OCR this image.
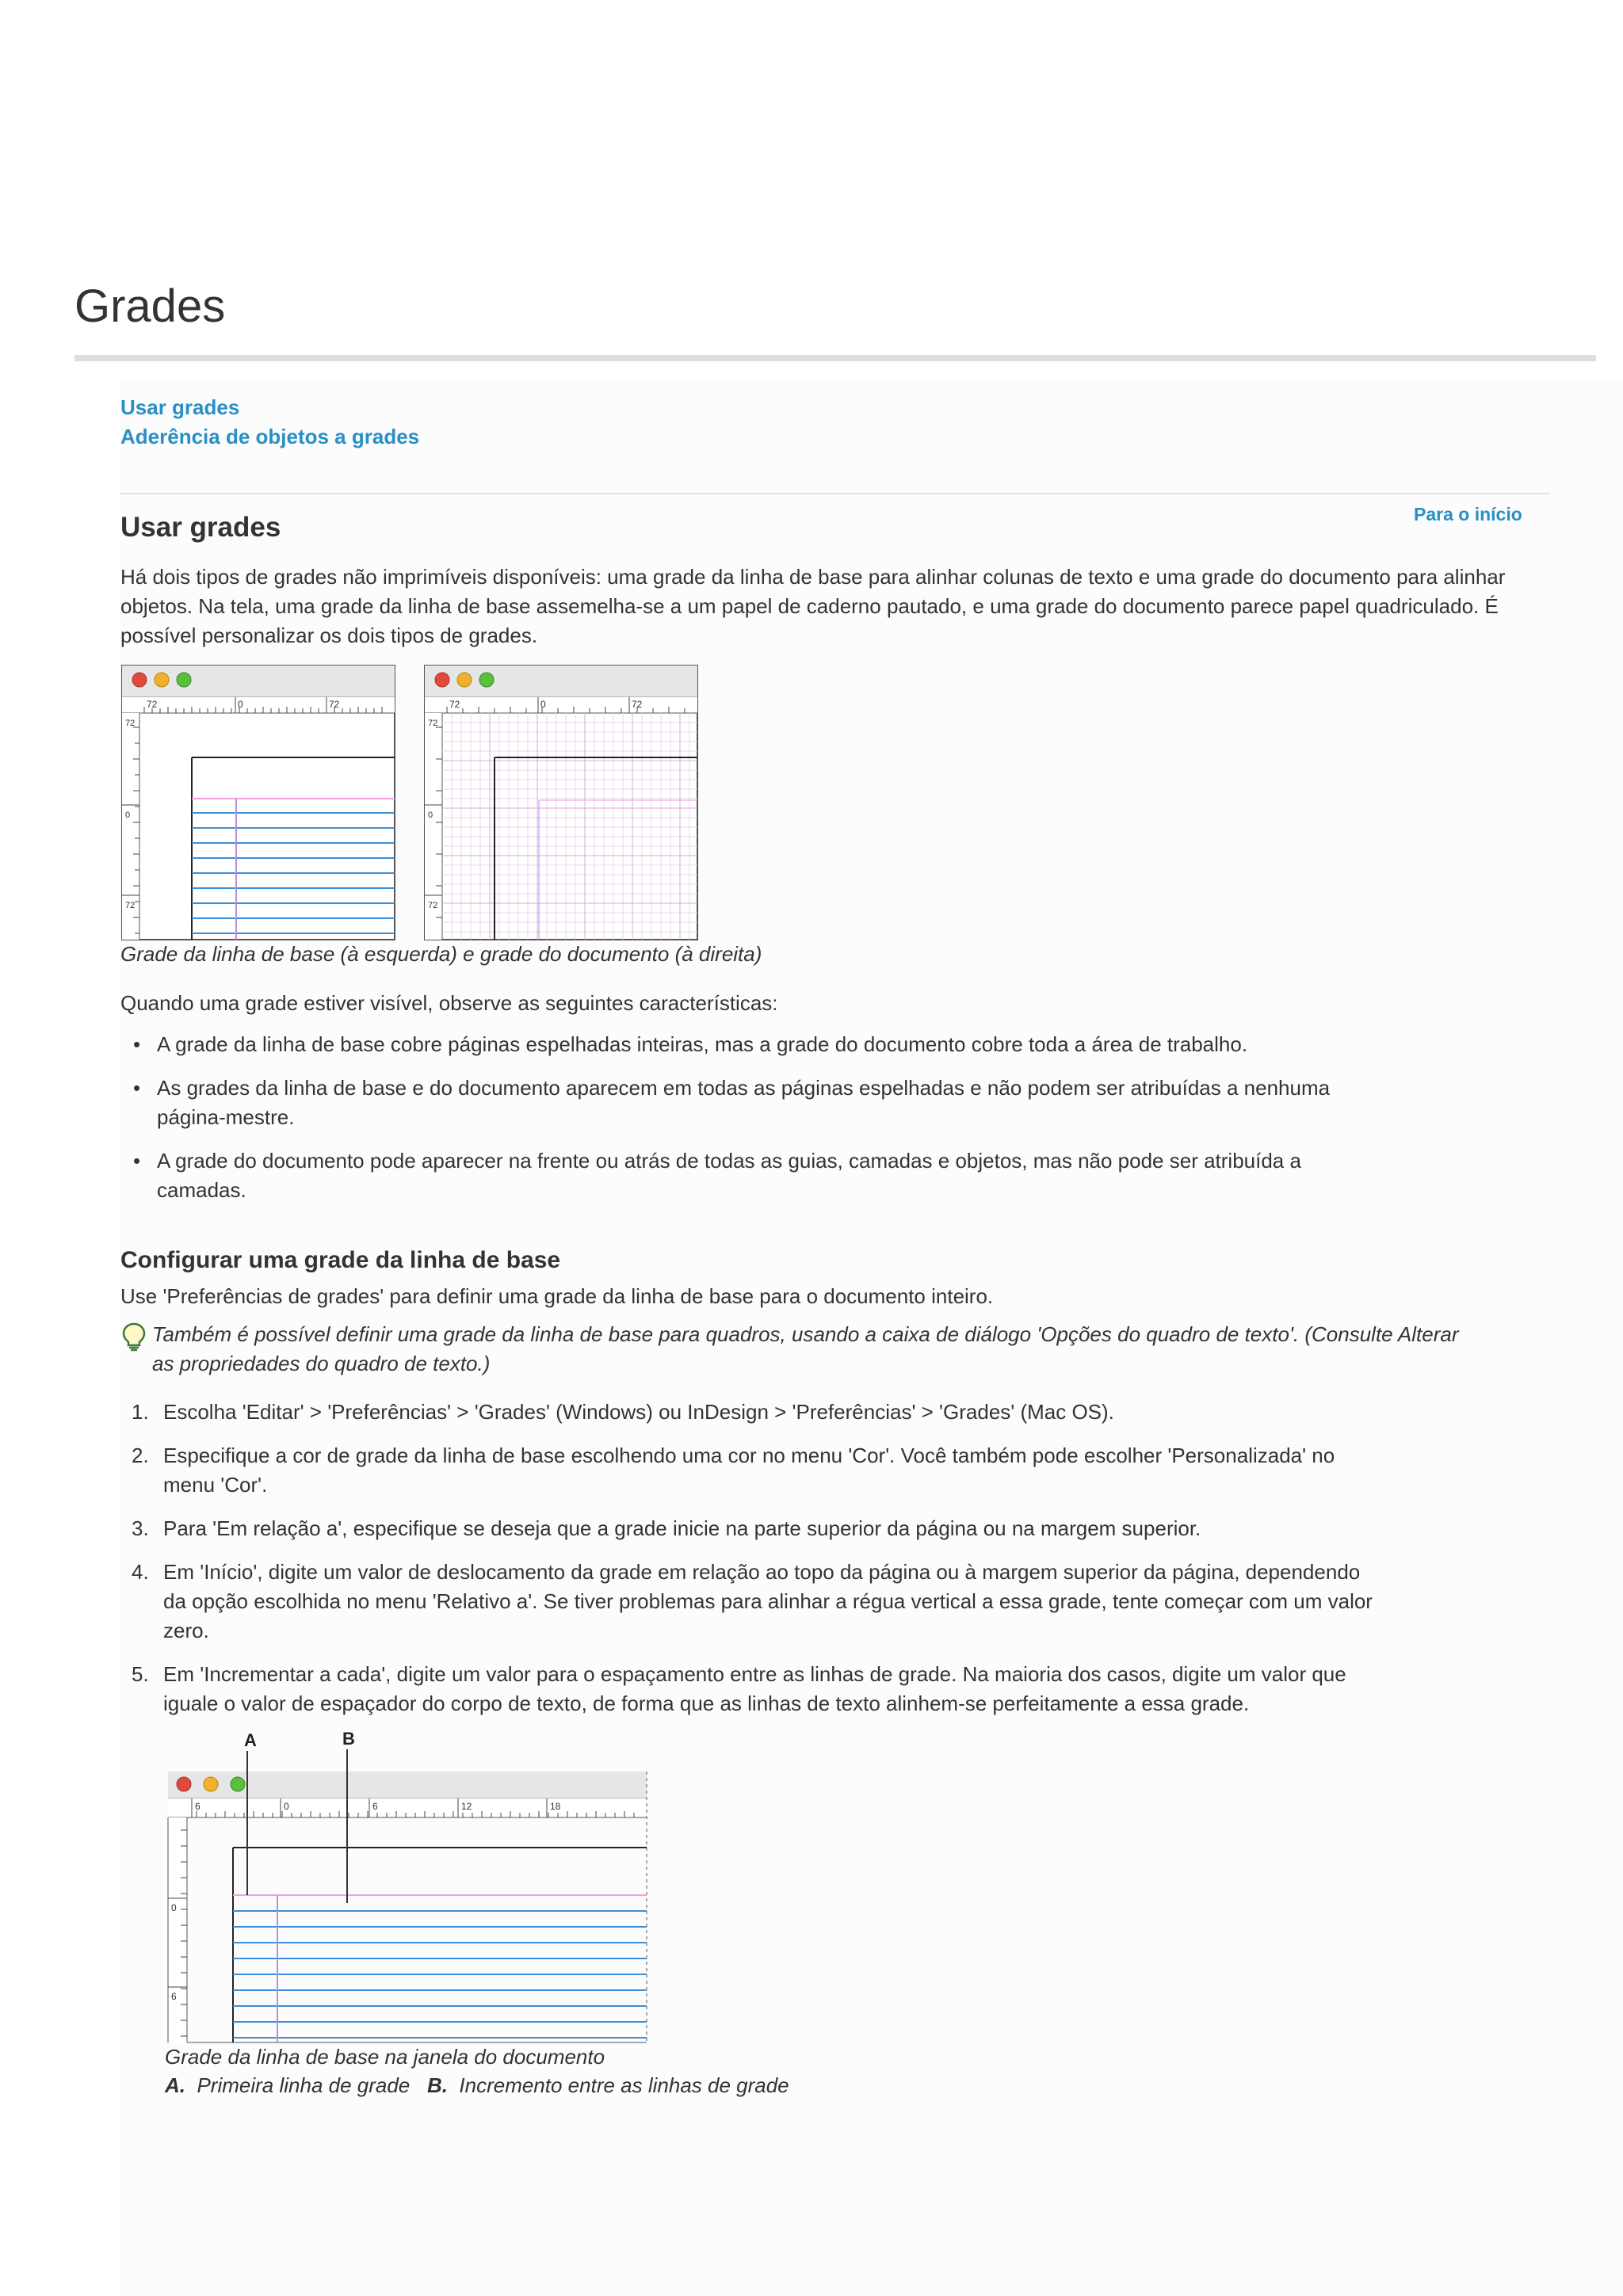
Grades
Usar grades
Aderência de objetos a grades
Para o início
Usar grades

Há dois tipos de grades não imprimíveis disponíveis: uma grade da linha de base para alinhar colunas de texto e uma grade do documento para alinhar objetos. Na tela, uma grade da linha de base assemelha-se a um papel de caderno pautado, e uma grade do documento parece papel quadriculado. É possível personalizar os dois tipos de grades.

72	0	72
72
0
72
72	0	72
72
0
72

Grade da linha de base (à esquerda) e grade do documento (à direita)

Quando uma grade estiver visível, observe as seguintes características:

• A grade da linha de base cobre páginas espelhadas inteiras, mas a grade do documento cobre toda a área de trabalho.
• As grades da linha de base e do documento aparecem em todas as páginas espelhadas e não podem ser atribuídas a nenhuma página-mestre.
• A grade do documento pode aparecer na frente ou atrás de todas as guias, camadas e objetos, mas não pode ser atribuída a camadas.
Configurar uma grade da linha de base

Use 'Preferências de grades' para definir uma grade da linha de base para o documento inteiro.

Também é possível definir uma grade da linha de base para quadros, usando a caixa de diálogo 'Opções do quadro de texto'. (Consulte Alterar as propriedades do quadro de texto.)
1. Escolha 'Editar' > 'Preferências' > 'Grades' (Windows) ou InDesign > 'Preferências' > 'Grades' (Mac OS).
2. Especifique a cor de grade da linha de base escolhendo uma cor no menu 'Cor'. Você também pode escolher 'Personalizada' no menu 'Cor'.
3. Para 'Em relação a', especifique se deseja que a grade inicie na parte superior da página ou na margem superior.
4. Em 'Início', digite um valor de deslocamento da grade em relação ao topo da página ou à margem superior da página, dependendo da opção escolhida no menu 'Relativo a'. Se tiver problemas para alinhar a régua vertical a essa grade, tente começar com um valor zero.
5. Em 'Incrementar a cada', digite um valor para o espaçamento entre as linhas de grade. Na maioria dos casos, digite um valor que iguale o valor de espaçador do corpo de texto, de forma que as linhas de texto alinhem-se perfeitamente a essa grade.
A	B
6	0	6	12	18
0
6

Grade da linha de base na janela do documento

A. Primeira linha de grade B. Incremento entre as linhas de grade
